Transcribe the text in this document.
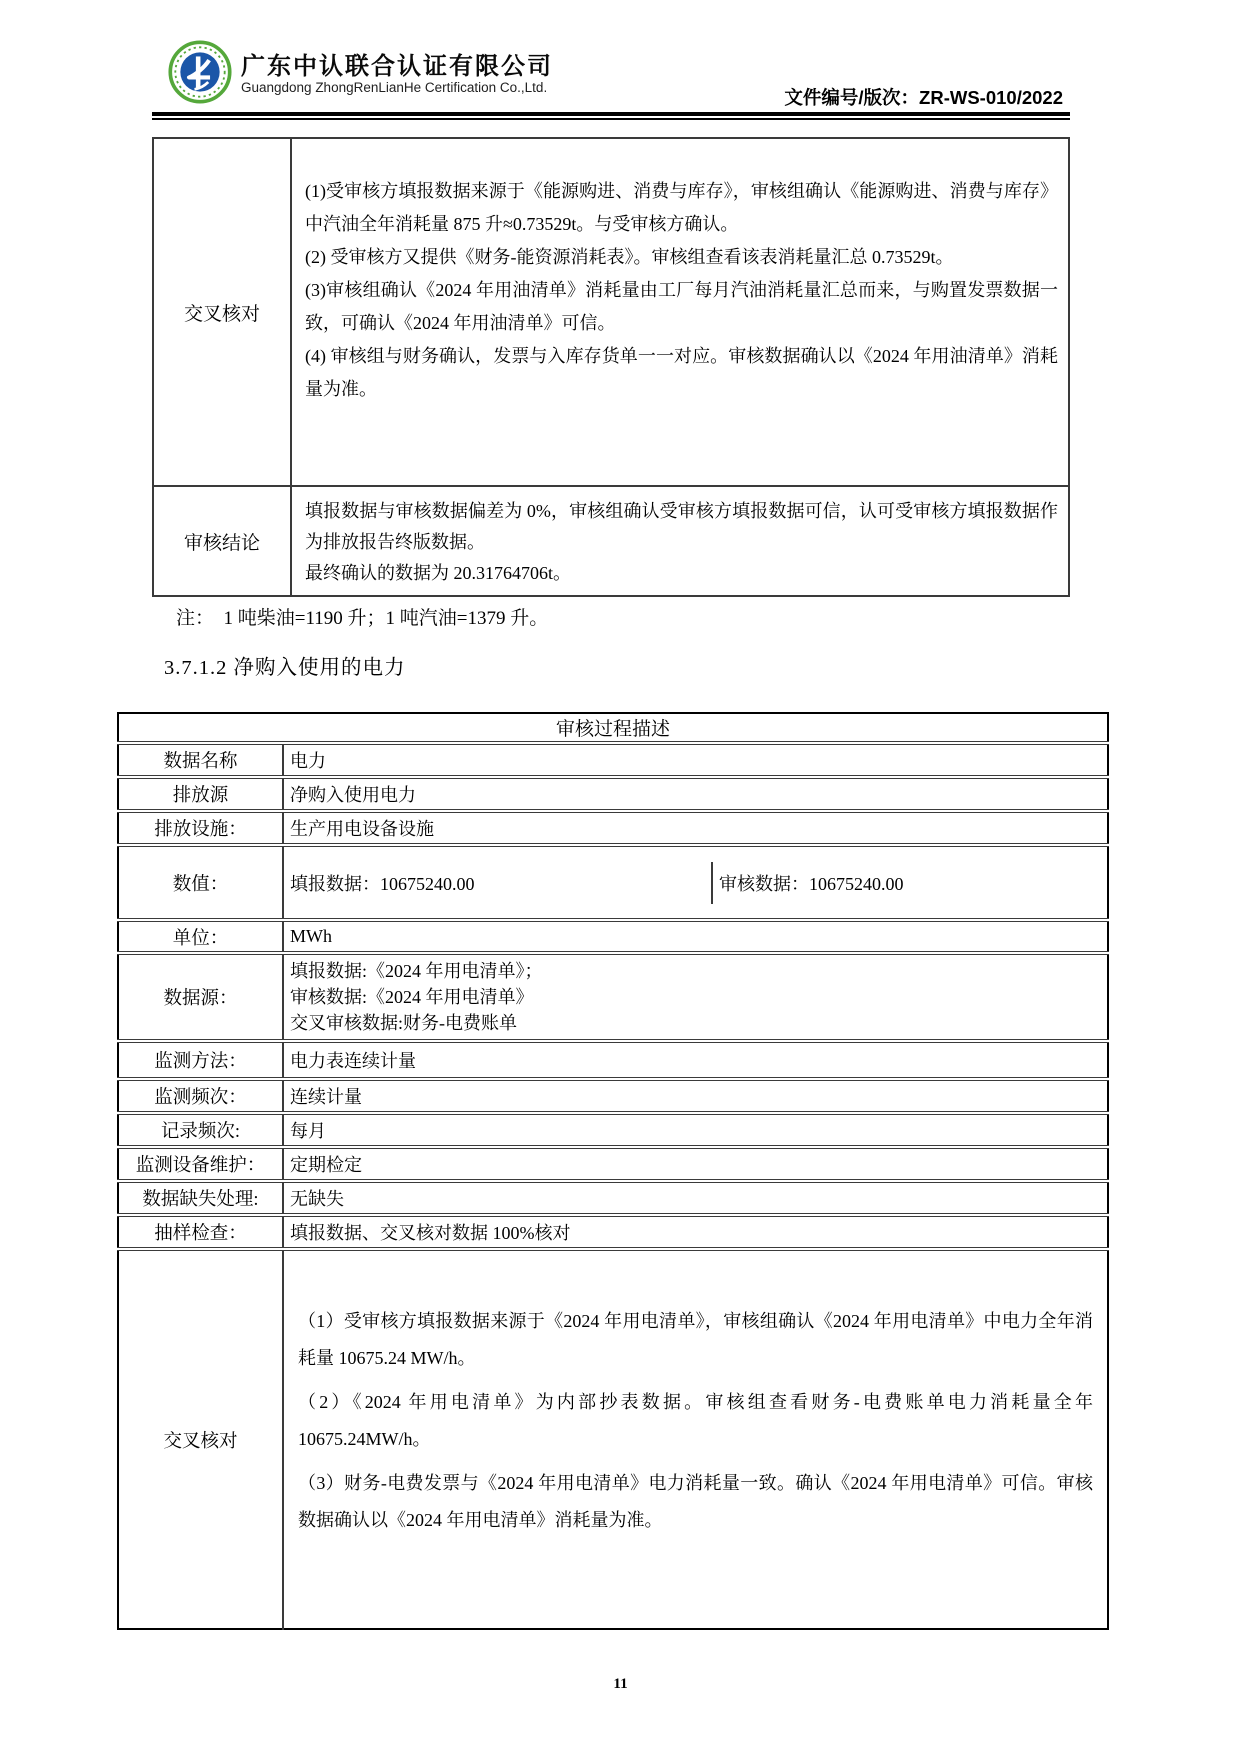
广东中认联合认证有限公司
Guangdong ZhongRenLianHe Certification Co.,Ltd.	文件编号/版次：ZR-WS-010/2022
交叉核对	(1)受审核方填报数据来源于《能源购进、消费与库存》，审核组确认《能源购进、消费与库存》中汽油全年消耗量 875 升≈0.73529t。与受审核方确认。
(2) 受审核方又提供《财务-能资源消耗表》。审核组查看该表消耗量汇总 0.73529t。
(3)审核组确认《2024 年用油清单》消耗量由工厂每月汽油消耗量汇总而来，与购置发票数据一致，可确认《2024 年用油清单》可信。
(4) 审核组与财务确认，发票与入库存货单一一对应。审核数据确认以《2024 年用油清单》消耗量为准。

审核结论	填报数据与审核数据偏差为 0%，审核组确认受审核方填报数据可信，认可受审核方填报数据作为排放报告终版数据。
最终确认的数据为 20.31764706t。
注：　1 吨柴油=1190 升；1 吨汽油=1379 升。
3.7.1.2 净购入使用的电力
审核过程描述	
数据名称	电力
排放源	净购入使用电力
排放设施：	生产用电设备设施
数值：	填报数据：10675240.00 审核数据：10675240.00

单位：	MWh
数据源：	填报数据:《2024 年用电清单》；
审核数据:《2024 年用电清单》
交叉审核数据:财务-电费账单

监测方法：	电力表连续计量
监测频次：	连续计量
记录频次:	每月
监测设备维护：	定期检定
数据缺失处理:	无缺失
抽样检查：	填报数据、交叉核对数据 100%核对
交叉核对	（1）受审核方填报数据来源于《2024 年用电清单》，审核组确认《2024 年用电清单》中电力全年消耗量 10675.24 MW/h。
（2）《2024 年用电清单》为内部抄表数据。审核组查看财务-电费账单电力消耗量全年 10675.24MW/h。
（3）财务-电费发票与《2024 年用电清单》电力消耗量一致。确认《2024 年用电清单》可信。审核数据确认以《2024 年用电清单》消耗量为准。
11
